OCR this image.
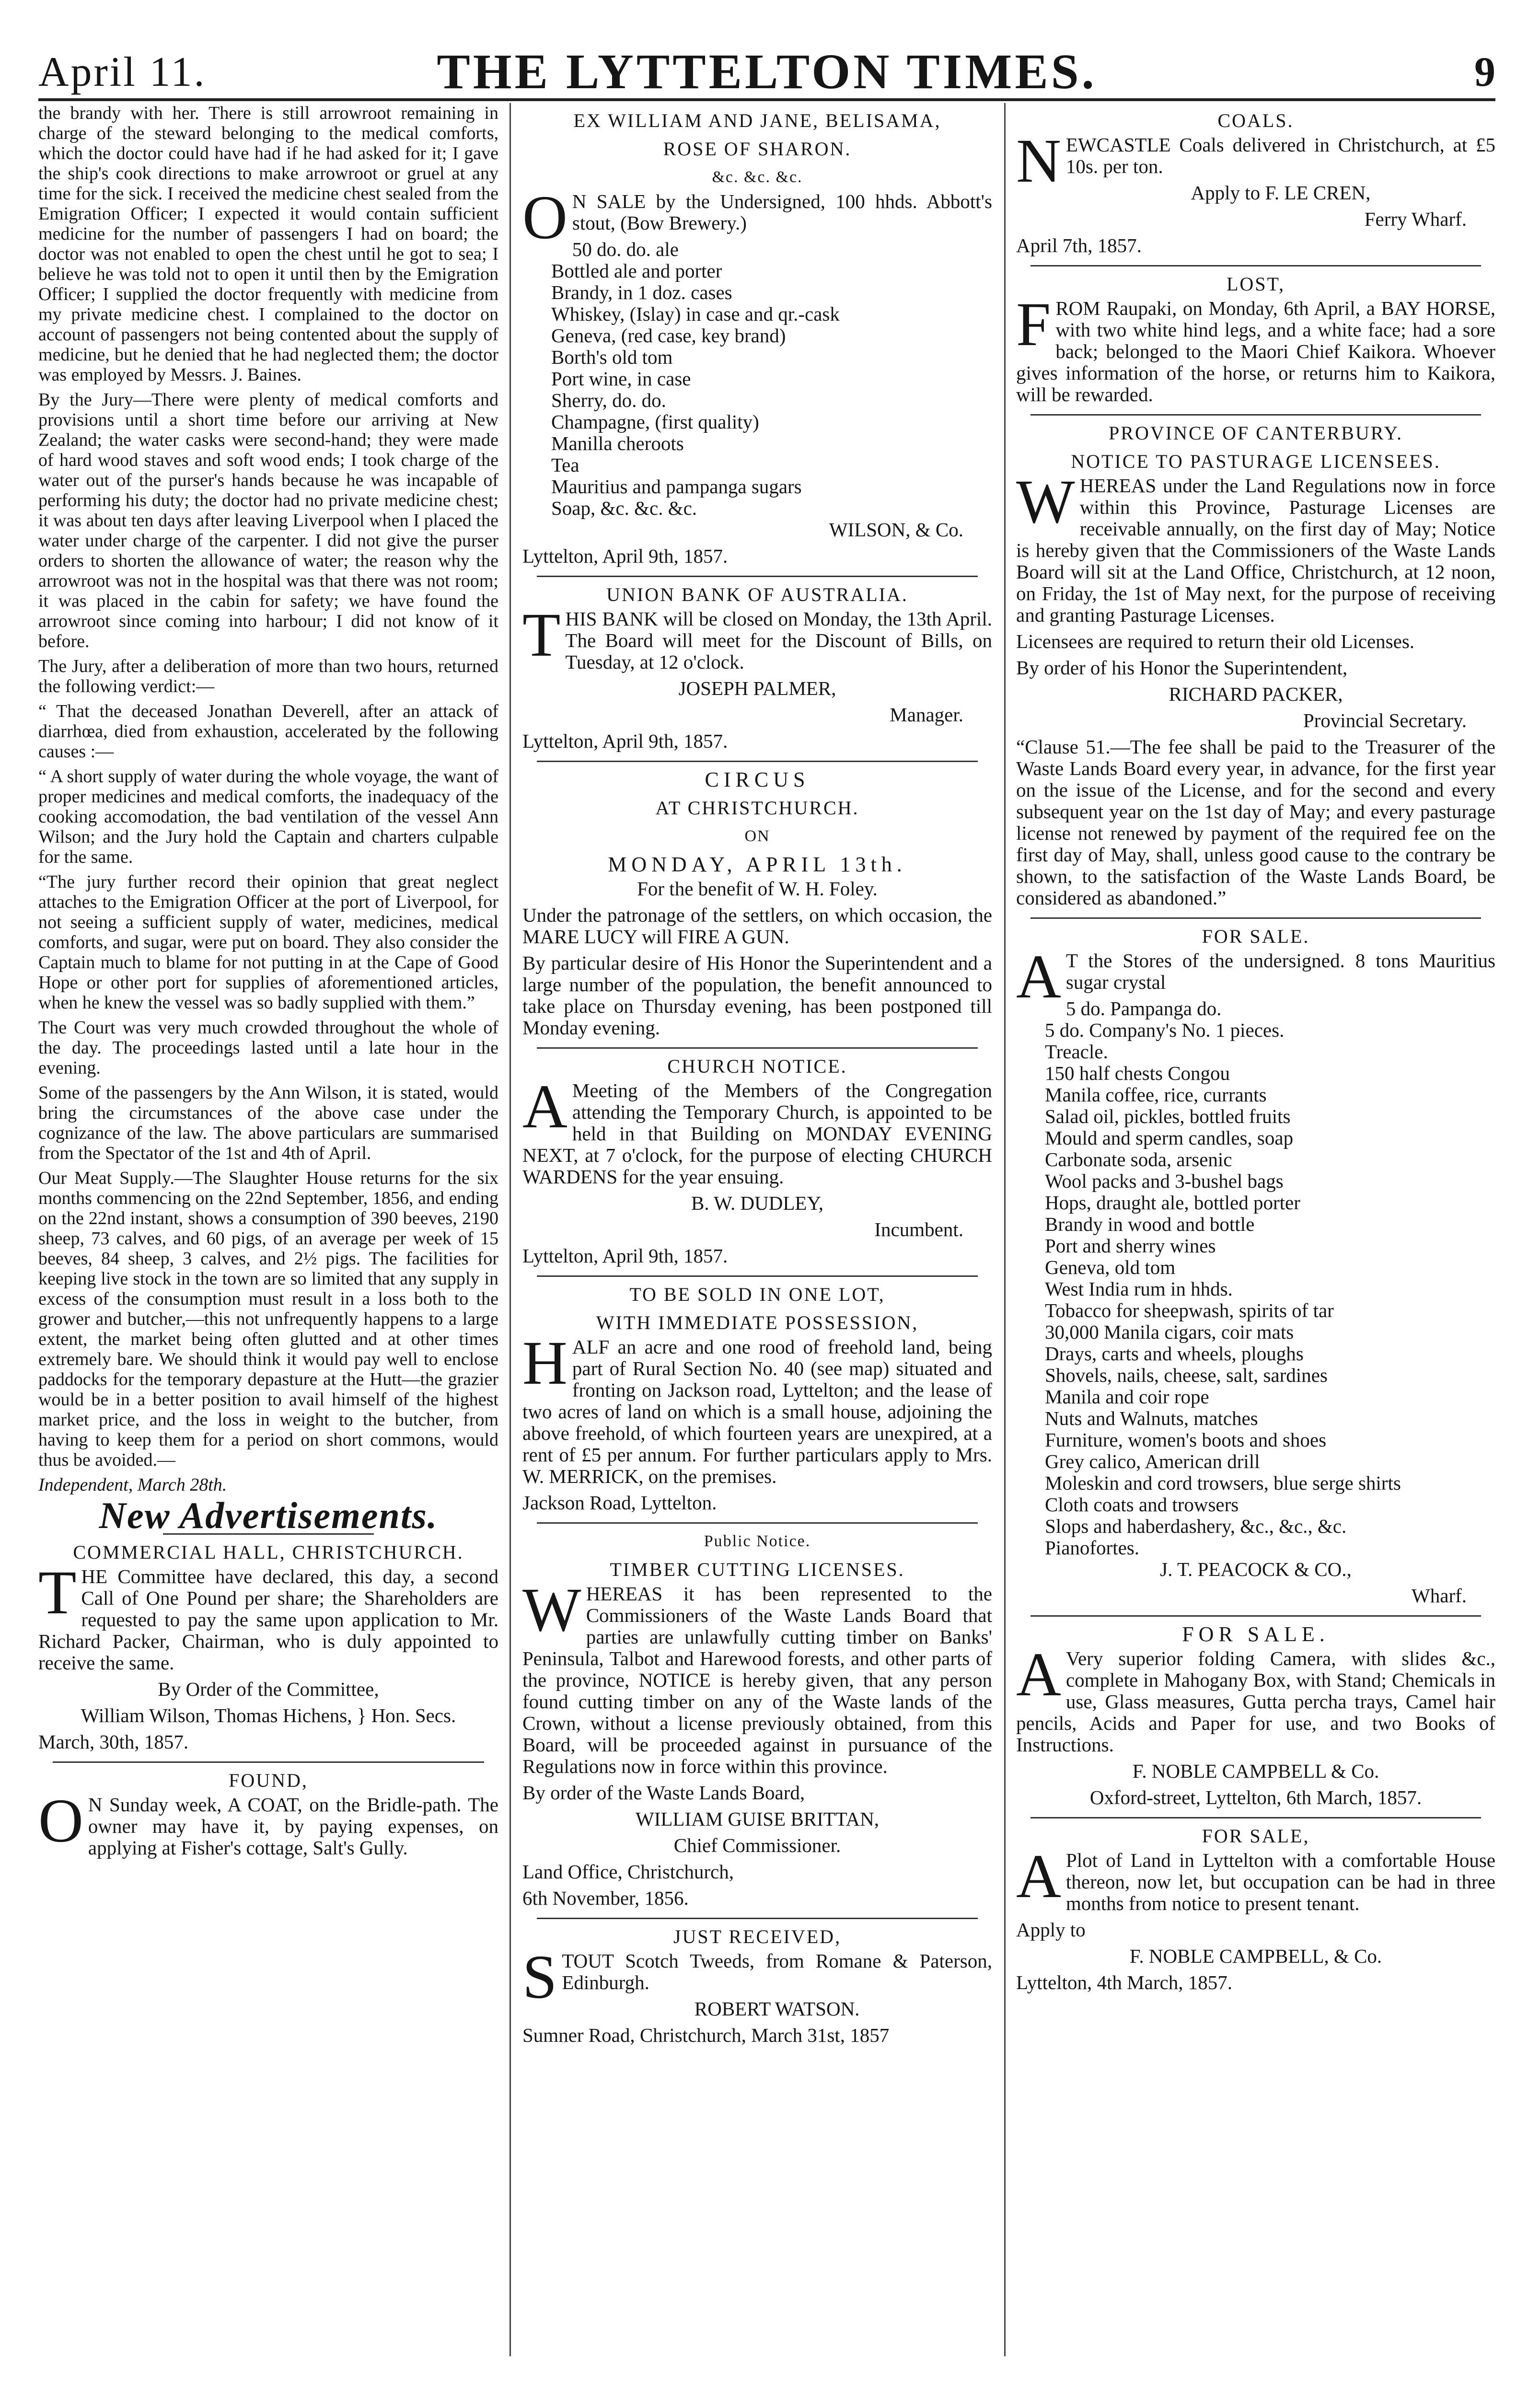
April 11.	THE LYTTELTON TIMES.	9

the brandy with her. There is still arrowroot remaining in charge of the steward belonging to the medical comforts, which the doctor could have had if he had asked for it; I gave the ship's cook directions to make arrowroot or gruel at any time for the sick. I received the medicine chest sealed from the Emigration Officer; I expected it would contain sufficient medicine for the number of passengers I had on board; the doctor was not enabled to open the chest until he got to sea; I believe he was told not to open it until then by the Emigration Officer; I supplied the doctor frequently with medicine from my private medicine chest. I complained to the doctor on account of passengers not being contented about the supply of medicine, but he denied that he had neglected them; the doctor was employed by Messrs. J. Baines.

By the Jury—There were plenty of medical comforts and provisions until a short time before our arriving at New Zealand; the water casks were second-hand; they were made of hard wood staves and soft wood ends; I took charge of the water out of the purser's hands because he was incapable of performing his duty; the doctor had no private medicine chest; it was about ten days after leaving Liverpool when I placed the water under charge of the carpenter. I did not give the purser orders to shorten the allowance of water; the reason why the arrowroot was not in the hospital was that there was not room; it was placed in the cabin for safety; we have found the arrowroot since coming into harbour; I did not know of it before.

The Jury, after a deliberation of more than two hours, returned the following verdict:—

“ That the deceased Jonathan Deverell, after an attack of diarrhœa, died from exhaustion, accelerated by the following causes :—

“ A short supply of water during the whole voyage, the want of proper medicines and medical comforts, the inadequacy of the cooking accomodation, the bad ventilation of the vessel Ann Wilson; and the Jury hold the Captain and charters culpable for the same.

“The jury further record their opinion that great neglect attaches to the Emigration Officer at the port of Liverpool, for not seeing a sufficient supply of water, medicines, medical comforts, and sugar, were put on board. They also consider the Captain much to blame for not putting in at the Cape of Good Hope or other port for supplies of aforementioned articles, when he knew the vessel was so badly supplied with them.”

The Court was very much crowded throughout the whole of the day. The proceedings lasted until a late hour in the evening.

Some of the passengers by the Ann Wilson, it is stated, would bring the circumstances of the above case under the cognizance of the law. The above particulars are summarised from the Spectator of the 1st and 4th of April.

Our Meat Supply.—The Slaughter House returns for the six months commencing on the 22nd September, 1856, and ending on the 22nd instant, shows a consumption of 390 beeves, 2190 sheep, 73 calves, and 60 pigs, of an average per week of 15 beeves, 84 sheep, 3 calves, and 2½ pigs. The facilities for keeping live stock in the town are so limited that any supply in excess of the consumption must result in a loss both to the grower and butcher,—this not unfrequently happens to a large extent, the market being often glutted and at other times extremely bare. We should think it would pay well to enclose paddocks for the temporary depasture at the Hutt—the grazier would be in a better position to avail himself of the highest market price, and the loss in weight to the butcher, from having to keep them for a period on short commons, would thus be avoided.—

Independent, March 28th.

New Advertisements.
COMMERCIAL HALL, CHRISTCHURCH.

THE Committee have declared, this day, a second Call of One Pound per share; the Shareholders are requested to pay the same upon application to Mr. Richard Packer, Chairman, who is duly appointed to receive the same.

By Order of the Committee,

William Wilson, Thomas Hichens, } Hon. Secs.

March, 30th, 1857.

FOUND,

O N Sunday week, A COAT, on the Bridle-path. The owner may have it, by paying expenses, on applying at Fisher's cottage, Salt's Gully.

EX WILLIAM AND JANE, BELISAMA,
ROSE OF SHARON.
&c. &c. &c.

O N SALE by the Undersigned, 100 hhds. Abbott's stout, (Bow Brewery.)

50 do. do. ale
Bottled ale and porter
Brandy, in 1 doz. cases
Whiskey, (Islay) in case and qr.-cask
Geneva, (red case, key brand)
Borth's old tom
Port wine, in case
Sherry, do. do.
Champagne, (first quality)
Manilla cheroots
Tea
Mauritius and pampanga sugars
Soap, &c. &c. &c.

WILSON, & Co.

Lyttelton, April 9th, 1857.

UNION BANK OF AUSTRALIA.

THIS BANK will be closed on Monday, the 13th April. The Board will meet for the Discount of Bills, on Tuesday, at 12 o'clock.

JOSEPH PALMER,

Manager.

Lyttelton, April 9th, 1857.

CIRCUS
AT CHRISTCHURCH.
ON
MONDAY, APRIL 13th.

For the benefit of W. H. Foley.

Under the patronage of the settlers, on which occasion, the MARE LUCY will FIRE A GUN.

By particular desire of His Honor the Superintendent and a large number of the population, the benefit announced to take place on Thursday evening, has been postponed till Monday evening.

CHURCH NOTICE.

A Meeting of the Members of the Congregation attending the Temporary Church, is appointed to be held in that Building on MONDAY EVENING NEXT, at 7 o'clock, for the purpose of electing CHURCH WARDENS for the year ensuing.

B. W. DUDLEY,

Incumbent.

Lyttelton, April 9th, 1857.

TO BE SOLD IN ONE LOT,
WITH IMMEDIATE POSSESSION,

HALF an acre and one rood of freehold land, being part of Rural Section No. 40 (see map) situated and fronting on Jackson road, Lyttelton; and the lease of two acres of land on which is a small house, adjoining the above freehold, of which fourteen years are unexpired, at a rent of £5 per annum. For further particulars apply to Mrs. W. MERRICK, on the premises.

Jackson Road, Lyttelton.

Public Notice.
TIMBER CUTTING LICENSES.

WHEREAS it has been represented to the Commissioners of the Waste Lands Board that parties are unlawfully cutting timber on Banks' Peninsula, Talbot and Harewood forests, and other parts of the province, NOTICE is hereby given, that any person found cutting timber on any of the Waste lands of the Crown, without a license previously obtained, from this Board, will be proceeded against in pursuance of the Regulations now in force within this province.

By order of the Waste Lands Board,

WILLIAM GUISE BRITTAN,

Chief Commissioner.

Land Office, Christchurch,

6th November, 1856.

JUST RECEIVED,

STOUT Scotch Tweeds, from Romane & Paterson, Edinburgh.

ROBERT WATSON.

Sumner Road, Christchurch, March 31st, 1857

COALS.

NEWCASTLE Coals delivered in Christchurch, at £5 10s. per ton.

Apply to F. LE CREN,

Ferry Wharf.

April 7th, 1857.

LOST,

FROM Raupaki, on Monday, 6th April, a BAY HORSE, with two white hind legs, and a white face; had a sore back; belonged to the Maori Chief Kaikora. Whoever gives information of the horse, or returns him to Kaikora, will be rewarded.

PROVINCE OF CANTERBURY.
NOTICE TO PASTURAGE LICENSEES.

WHEREAS under the Land Regulations now in force within this Province, Pasturage Licenses are receivable annually, on the first day of May; Notice is hereby given that the Commissioners of the Waste Lands Board will sit at the Land Office, Christchurch, at 12 noon, on Friday, the 1st of May next, for the purpose of receiving and granting Pasturage Licenses.

Licensees are required to return their old Licenses.

By order of his Honor the Superintendent,

RICHARD PACKER,

Provincial Secretary.

“Clause 51.—The fee shall be paid to the Treasurer of the Waste Lands Board every year, in advance, for the first year on the issue of the License, and for the second and every subsequent year on the 1st day of May; and every pasturage license not renewed by payment of the required fee on the first day of May, shall, unless good cause to the contrary be shown, to the satisfaction of the Waste Lands Board, be considered as abandoned.”

FOR SALE.

A T the Stores of the undersigned. 8 tons Mauritius sugar crystal

5 do. Pampanga do.
5 do. Company's No. 1 pieces.
Treacle.
150 half chests Congou
Manila coffee, rice, currants
Salad oil, pickles, bottled fruits
Mould and sperm candles, soap
Carbonate soda, arsenic
Wool packs and 3-bushel bags
Hops, draught ale, bottled porter
Brandy in wood and bottle
Port and sherry wines
Geneva, old tom
West India rum in hhds.
Tobacco for sheepwash, spirits of tar
30,000 Manila cigars, coir mats
Drays, carts and wheels, ploughs
Shovels, nails, cheese, salt, sardines
Manila and coir rope
Nuts and Walnuts, matches
Furniture, women's boots and shoes
Grey calico, American drill
Moleskin and cord trowsers, blue serge shirts
Cloth coats and trowsers
Slops and haberdashery, &c., &c., &c.
Pianofortes.

J. T. PEACOCK & CO.,

Wharf.

FOR SALE.

A Very superior folding Camera, with slides &c., complete in Mahogany Box, with Stand; Chemicals in use, Glass measures, Gutta percha trays, Camel hair pencils, Acids and Paper for use, and two Books of Instructions.

F. NOBLE CAMPBELL & Co.

Oxford-street, Lyttelton, 6th March, 1857.

FOR SALE,

A Plot of Land in Lyttelton with a comfortable House thereon, now let, but occupation can be had in three months from notice to present tenant.

Apply to

F. NOBLE CAMPBELL, & Co.

Lyttelton, 4th March, 1857.
